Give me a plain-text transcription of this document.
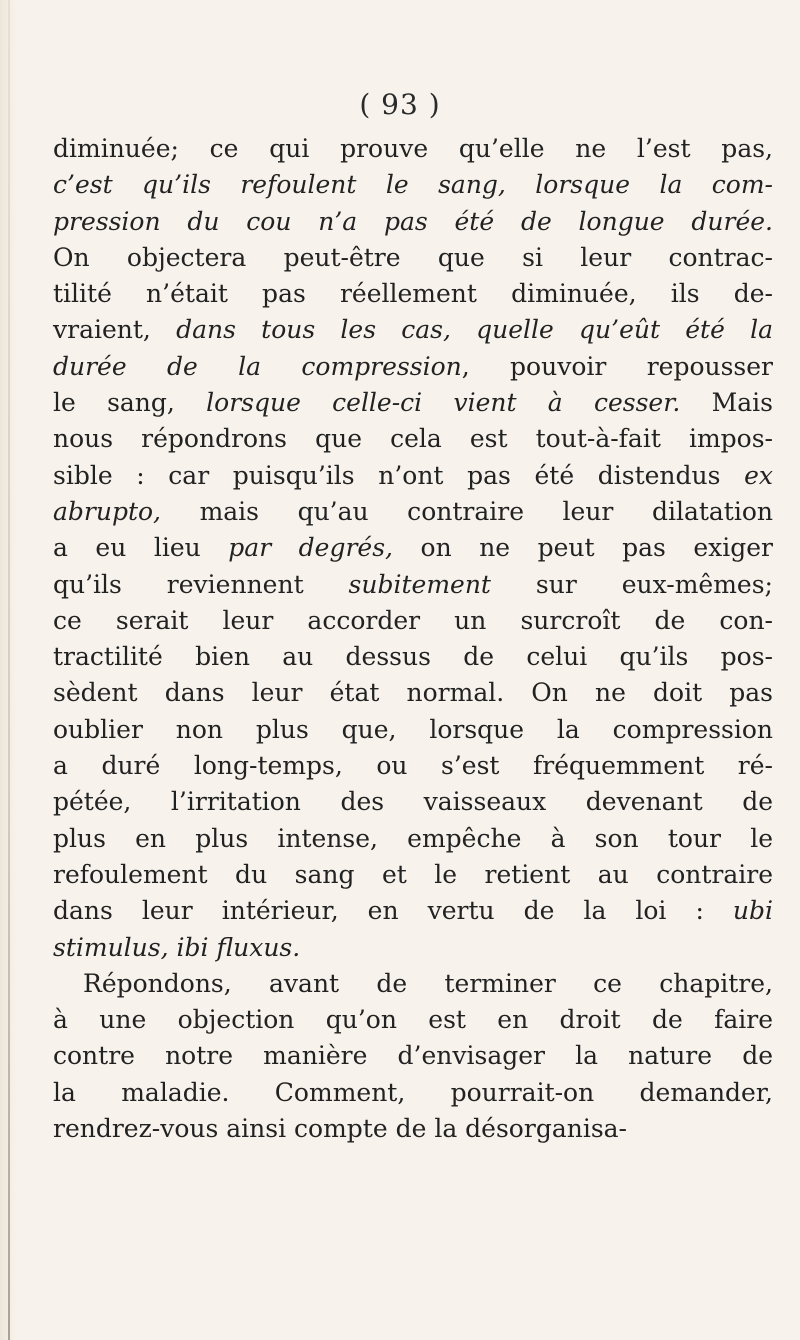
( 93 )
diminuée; ce qui prouve qu’elle ne l’est pas,
c’est qu’ils refoulent le sang, lorsque la com-
pression du cou n’a pas été de longue durée.
On objectera peut-être que si leur contrac-
tilité n’était pas réellement diminuée, ils de-
vraient, dans tous les cas, quelle qu’eût été la
durée de la compression, pouvoir repousser
le sang, lorsque celle-ci vient à cesser. Mais
nous répondrons que cela est tout-à-fait impos-
sible : car puisqu’ils n’ont pas été distendus ex
abrupto, mais qu’au contraire leur dilatation
a eu lieu par degrés, on ne peut pas exiger
qu’ils reviennent subitement sur eux-mêmes;
ce serait leur accorder un surcroît de con-
tractilité bien au dessus de celui qu’ils pos-
sèdent dans leur état normal. On ne doit pas
oublier non plus que, lorsque la compression
a duré long-temps, ou s’est fréquemment ré-
pétée, l’irritation des vaisseaux devenant de
plus en plus intense, empêche à son tour le
refoulement du sang et le retient au contraire
dans leur intérieur, en vertu de la loi : ubi
stimulus, ibi fluxus.
Répondons, avant de terminer ce chapitre,
à une objection qu’on est en droit de faire
contre notre manière d’envisager la nature de
la maladie. Comment, pourrait-on demander,
rendrez-vous ainsi compte de la désorganisa-
